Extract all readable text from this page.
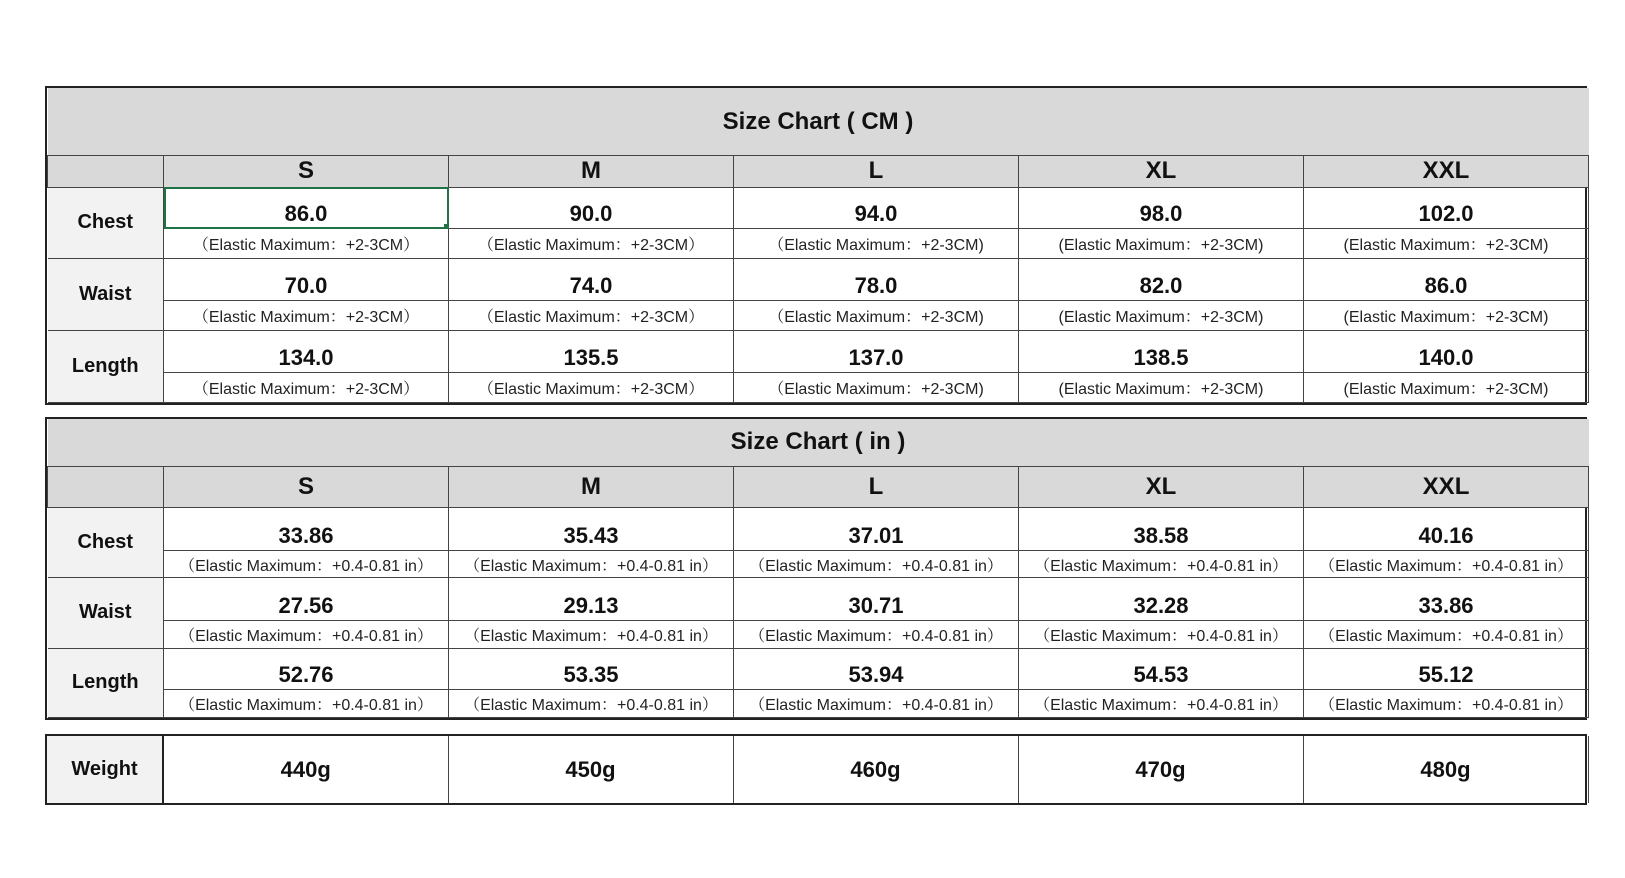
Size Chart ( CM )					
	S	M	L	XL	XXL
Chest	86.0	90.0	94.0	98.0	102.0
	（Elastic Maximum：+2-3CM）	（Elastic Maximum：+2-3CM）	（Elastic Maximum：+2-3CM)	(Elastic Maximum：+2-3CM)	(Elastic Maximum：+2-3CM)
Waist	70.0	74.0	78.0	82.0	86.0
	（Elastic Maximum：+2-3CM）	（Elastic Maximum：+2-3CM）	（Elastic Maximum：+2-3CM)	(Elastic Maximum：+2-3CM)	(Elastic Maximum：+2-3CM)
Length	134.0	135.5	137.0	138.5	140.0
	（Elastic Maximum：+2-3CM）	（Elastic Maximum：+2-3CM）	（Elastic Maximum：+2-3CM)	(Elastic Maximum：+2-3CM)	(Elastic Maximum：+2-3CM)
Size Chart ( in )					
	S	M	L	XL	XXL
Chest	33.86	35.43	37.01	38.58	40.16
	（Elastic Maximum：+0.4-0.81 in）	（Elastic Maximum：+0.4-0.81 in）	（Elastic Maximum：+0.4-0.81 in）	（Elastic Maximum：+0.4-0.81 in）	（Elastic Maximum：+0.4-0.81 in）
Waist	27.56	29.13	30.71	32.28	33.86
	（Elastic Maximum：+0.4-0.81 in）	（Elastic Maximum：+0.4-0.81 in）	（Elastic Maximum：+0.4-0.81 in）	（Elastic Maximum：+0.4-0.81 in）	（Elastic Maximum：+0.4-0.81 in）
Length	52.76	53.35	53.94	54.53	55.12
	（Elastic Maximum：+0.4-0.81 in）	（Elastic Maximum：+0.4-0.81 in）	（Elastic Maximum：+0.4-0.81 in）	（Elastic Maximum：+0.4-0.81 in）	（Elastic Maximum：+0.4-0.81 in）
Weight	440g	450g	460g	470g	480g
